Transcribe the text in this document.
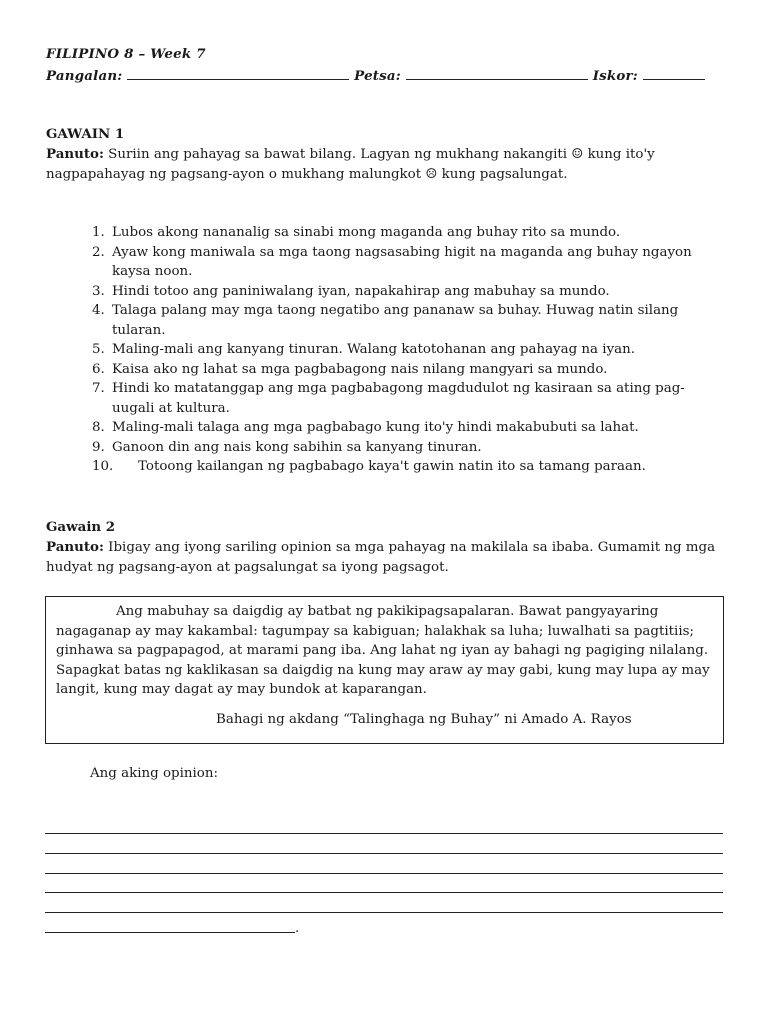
FILIPINO 8 – Week 7
Pangalan:	Petsa:	Iskor:
GAWAIN 1
Panuto: Suriin ang pahayag sa bawat bilang. Lagyan ng mukhang nakangiti ☺ kung ito'y nagpapahayag ng pagsang-ayon o mukhang malungkot ☹ kung pagsalungat.
1. Lubos akong nananalig sa sinabi mong maganda ang buhay rito sa mundo.
2. Ayaw kong maniwala sa mga taong nagsasabing higit na maganda ang buhay ngayon kaysa noon.
3. Hindi totoo ang paniniwalang iyan, napakahirap ang mabuhay sa mundo.
4. Talaga palang may mga taong negatibo ang pananaw sa buhay. Huwag natin silang tularan.
5. Maling-mali ang kanyang tinuran. Walang katotohanan ang pahayag na iyan.
6. Kaisa ako ng lahat sa mga pagbabagong nais nilang mangyari sa mundo.
7. Hindi ko matatanggap ang mga pagbabagong magdudulot ng kasiraan sa ating pag-uugali at kultura.
8. Maling-mali talaga ang mga pagbabago kung ito'y hindi makabubuti sa lahat.
9. Ganoon din ang nais kong sabihin sa kanyang tinuran.
10. Totoong kailangan ng pagbabago kaya't gawin natin ito sa tamang paraan.
Gawain 2
Panuto: Ibigay ang iyong sariling opinion sa mga pahayag na makilala sa ibaba. Gumamit ng mga hudyat ng pagsang-ayon at pagsalungat sa iyong pagsagot.

Ang mabuhay sa daigdig ay batbat ng pakikipagsapalaran. Bawat pangyayaring nagaganap ay may kakambal: tagumpay sa kabiguan; halakhak sa luha; luwalhati sa pagtitiis; ginhawa sa pagpapagod, at marami pang iba. Ang lahat ng iyan ay bahagi ng pagiging nilalang. Sapagkat batas ng kaklikasan sa daigdig na kung may araw ay may gabi, kung may lupa ay may langit, kung may dagat ay may bundok at kaparangan.

Bahagi ng akdang “Talinghaga ng Buhay” ni Amado A. Rayos

Ang aking opinion:
.
